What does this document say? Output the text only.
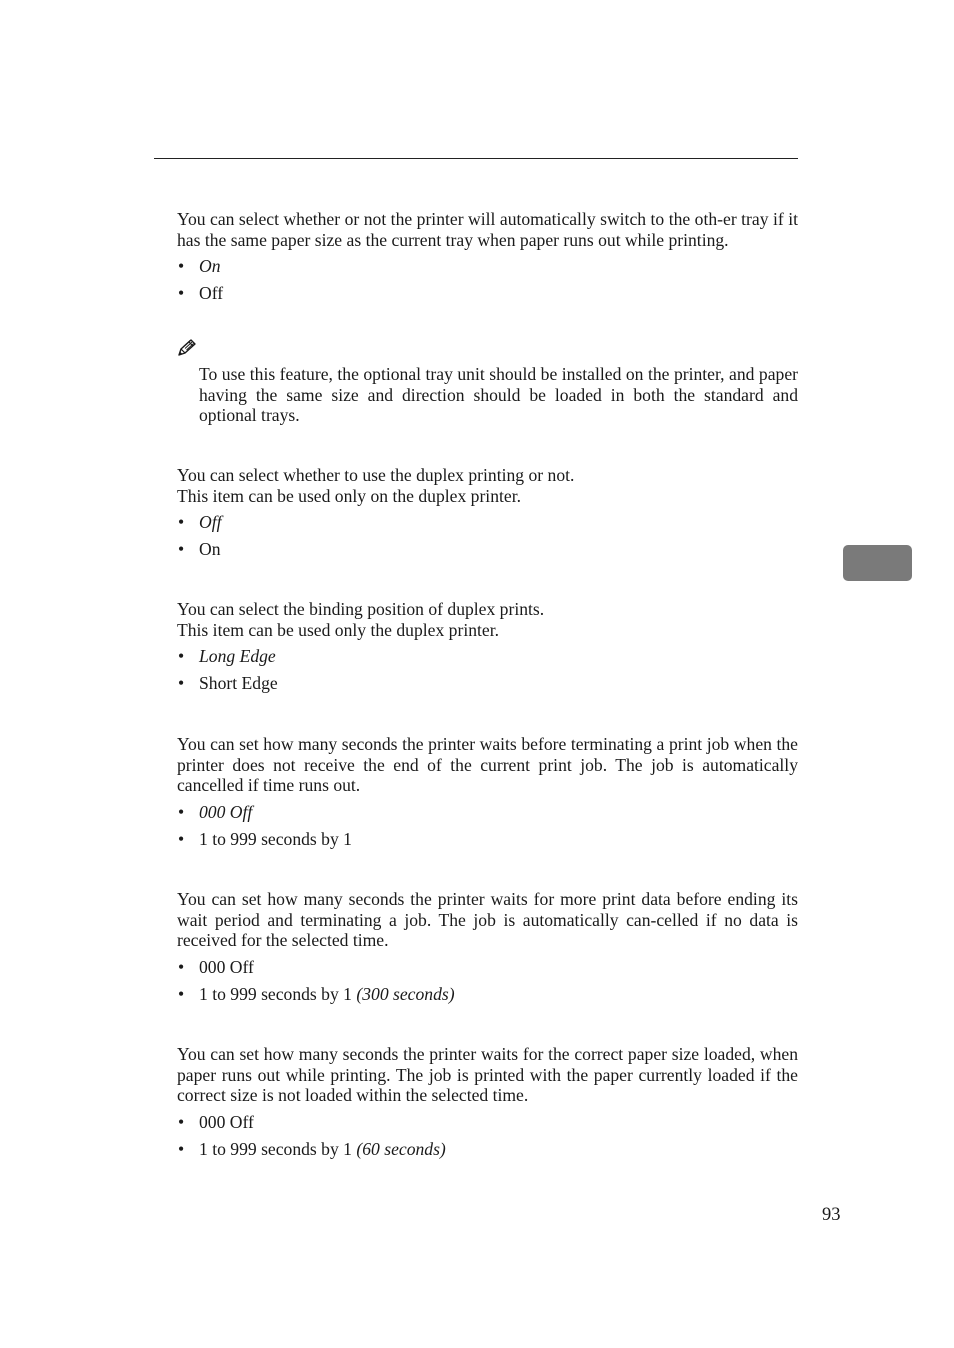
You can select whether or not the printer will automatically switch to the oth-er tray if it has the same paper size as the current tray when paper runs out while printing.

• On
• Off

To use this feature, the optional tray unit should be installed on the printer, and paper having the same size and direction should be loaded in both the standard and optional trays.

You can select whether to use the duplex printing or not.

This item can be used only on the duplex printer.

• Off
• On

You can select the binding position of duplex prints.

This item can be used only the duplex printer.

• Long Edge
• Short Edge

You can set how many seconds the printer waits before terminating a print job when the printer does not receive the end of the current print job. The job is automatically cancelled if time runs out.

• 000 Off
• 1 to 999 seconds by 1

You can set how many seconds the printer waits for more print data before ending its wait period and terminating a job. The job is automatically can-celled if no data is received for the selected time.

• 000 Off
• 1 to 999 seconds by 1 (300 seconds)

You can set how many seconds the printer waits for the correct paper size loaded, when paper runs out while printing. The job is printed with the paper currently loaded if the correct size is not loaded within the selected time.

• 000 Off
• 1 to 999 seconds by 1 (60 seconds)
93
